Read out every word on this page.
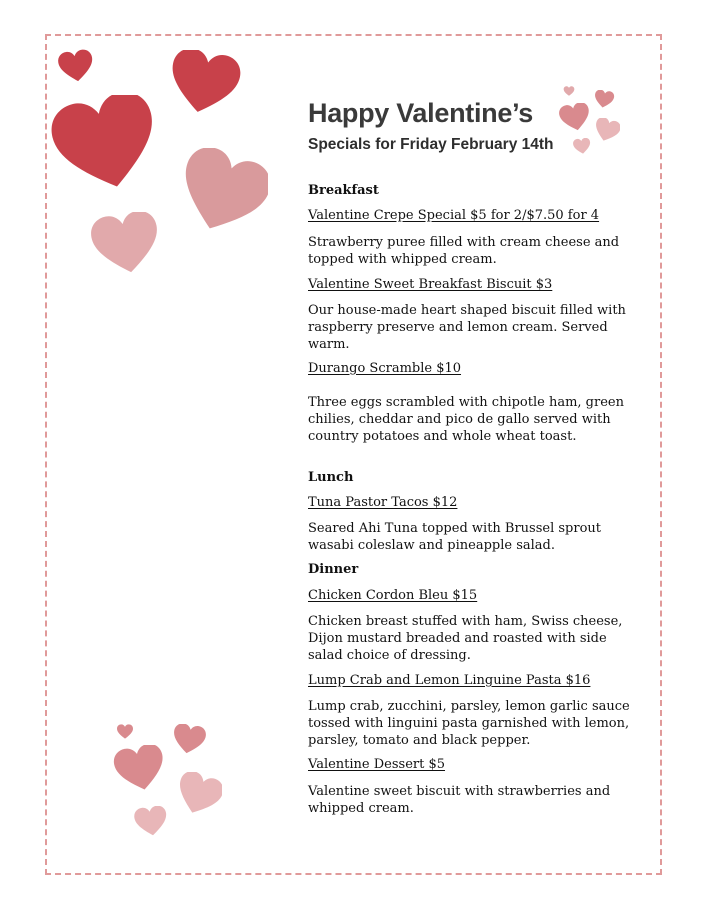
Happy Valentine’s
Specials for Friday February 14th
Breakfast

Valentine Crepe Special $5 for 2/$7.50 for 4

Strawberry puree filled with cream cheese and topped with whipped cream.

Valentine Sweet Breakfast Biscuit $3

Our house-made heart shaped biscuit filled with raspberry preserve and lemon cream. Served warm.

Durango Scramble $10

Three eggs scrambled with chipotle ham, green chilies, cheddar and pico de gallo served with country potatoes and whole wheat toast.

Lunch

Tuna Pastor Tacos $12

Seared Ahi Tuna topped with Brussel sprout wasabi coleslaw and pineapple salad.

Dinner

Chicken Cordon Bleu $15

Chicken breast stuffed with ham, Swiss cheese, Dijon mustard breaded and roasted with side salad choice of dressing.

Lump Crab and Lemon Linguine Pasta $16

Lump crab, zucchini, parsley, lemon garlic sauce tossed with linguini pasta garnished with lemon, parsley, tomato and black pepper.

Valentine Dessert $5

Valentine sweet biscuit with strawberries and whipped cream.
